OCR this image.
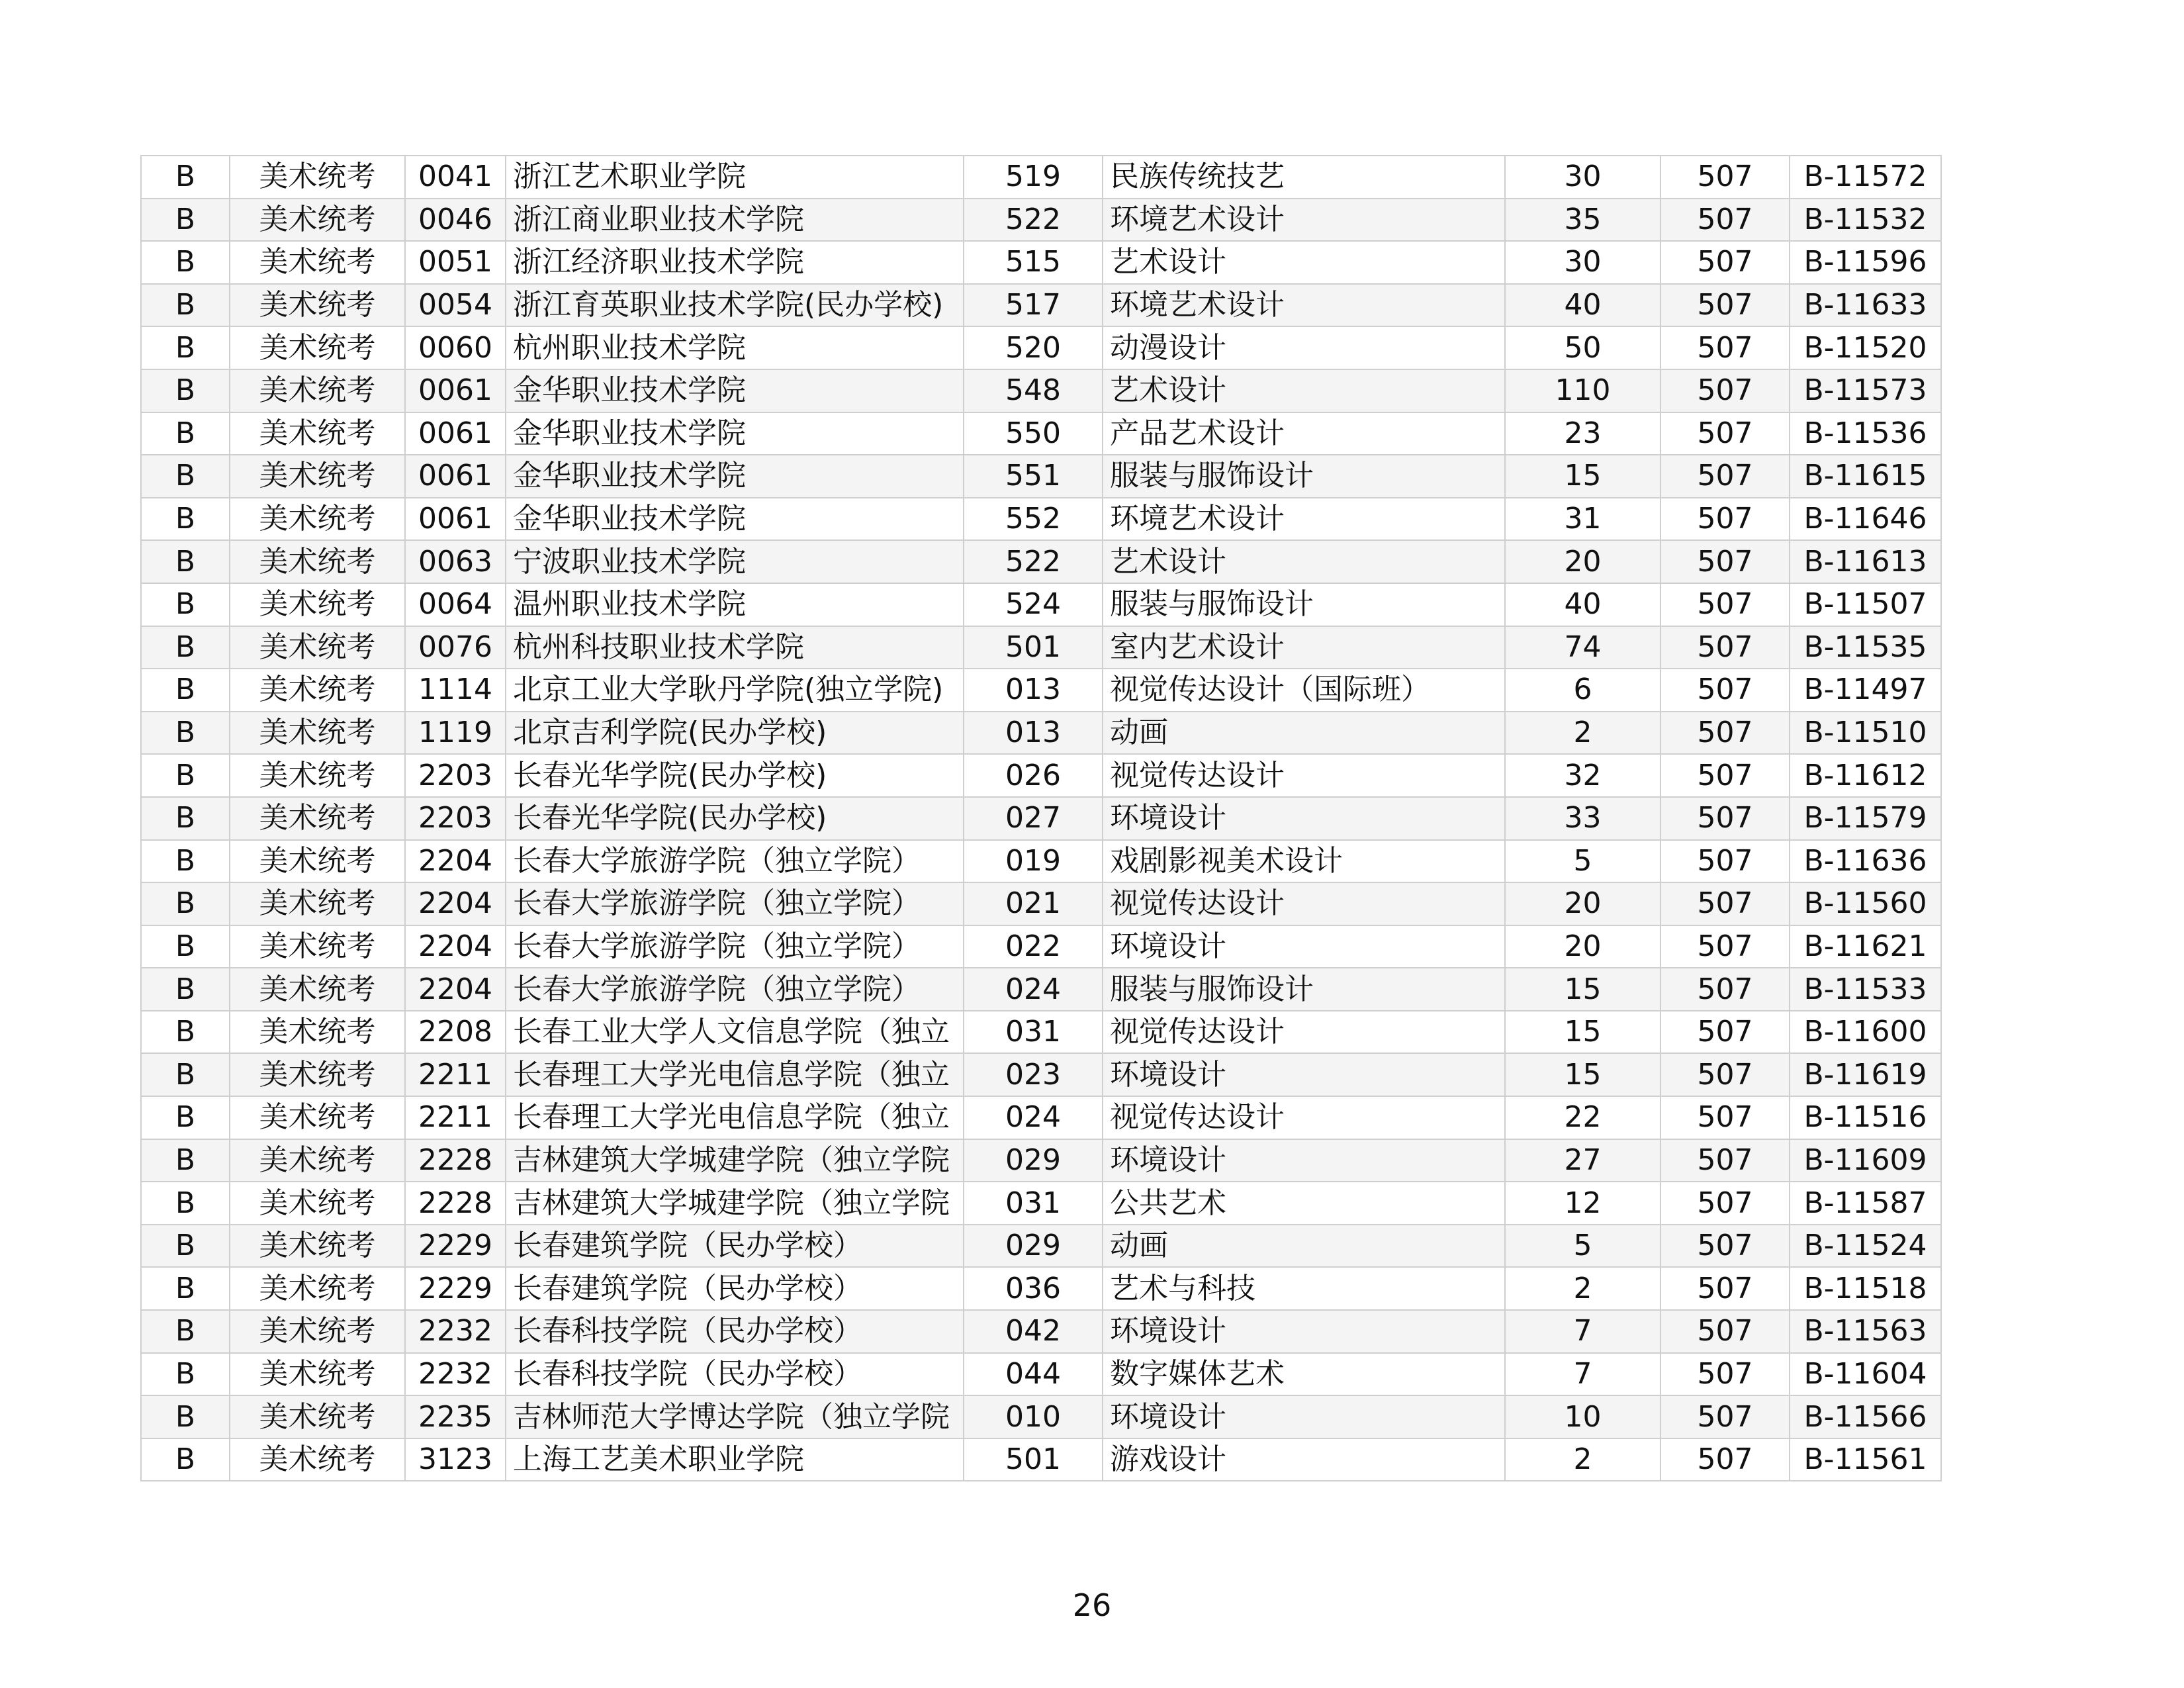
B	美术统考	0041	浙江艺术职业学院	519	民族传统技艺	30	507	B-11572
B	美术统考	0046	浙江商业职业技术学院	522	环境艺术设计	35	507	B-11532
B	美术统考	0051	浙江经济职业技术学院	515	艺术设计	30	507	B-11596
B	美术统考	0054	浙江育英职业技术学院(民办学校)	517	环境艺术设计	40	507	B-11633
B	美术统考	0060	杭州职业技术学院	520	动漫设计	50	507	B-11520
B	美术统考	0061	金华职业技术学院	548	艺术设计	110	507	B-11573
B	美术统考	0061	金华职业技术学院	550	产品艺术设计	23	507	B-11536
B	美术统考	0061	金华职业技术学院	551	服装与服饰设计	15	507	B-11615
B	美术统考	0061	金华职业技术学院	552	环境艺术设计	31	507	B-11646
B	美术统考	0063	宁波职业技术学院	522	艺术设计	20	507	B-11613
B	美术统考	0064	温州职业技术学院	524	服装与服饰设计	40	507	B-11507
B	美术统考	0076	杭州科技职业技术学院	501	室内艺术设计	74	507	B-11535
B	美术统考	1114	北京工业大学耿丹学院(独立学院)	013	视觉传达设计（国际班）	6	507	B-11497
B	美术统考	1119	北京吉利学院(民办学校)	013	动画	2	507	B-11510
B	美术统考	2203	长春光华学院(民办学校)	026	视觉传达设计	32	507	B-11612
B	美术统考	2203	长春光华学院(民办学校)	027	环境设计	33	507	B-11579
B	美术统考	2204	长春大学旅游学院（独立学院）	019	戏剧影视美术设计	5	507	B-11636
B	美术统考	2204	长春大学旅游学院（独立学院）	021	视觉传达设计	20	507	B-11560
B	美术统考	2204	长春大学旅游学院（独立学院）	022	环境设计	20	507	B-11621
B	美术统考	2204	长春大学旅游学院（独立学院）	024	服装与服饰设计	15	507	B-11533
B	美术统考	2208	长春工业大学人文信息学院（独立	031	视觉传达设计	15	507	B-11600
B	美术统考	2211	长春理工大学光电信息学院（独立	023	环境设计	15	507	B-11619
B	美术统考	2211	长春理工大学光电信息学院（独立	024	视觉传达设计	22	507	B-11516
B	美术统考	2228	吉林建筑大学城建学院（独立学院	029	环境设计	27	507	B-11609
B	美术统考	2228	吉林建筑大学城建学院（独立学院	031	公共艺术	12	507	B-11587
B	美术统考	2229	长春建筑学院（民办学校）	029	动画	5	507	B-11524
B	美术统考	2229	长春建筑学院（民办学校）	036	艺术与科技	2	507	B-11518
B	美术统考	2232	长春科技学院（民办学校）	042	环境设计	7	507	B-11563
B	美术统考	2232	长春科技学院（民办学校）	044	数字媒体艺术	7	507	B-11604
B	美术统考	2235	吉林师范大学博达学院（独立学院	010	环境设计	10	507	B-11566
B	美术统考	3123	上海工艺美术职业学院	501	游戏设计	2	507	B-11561
26
